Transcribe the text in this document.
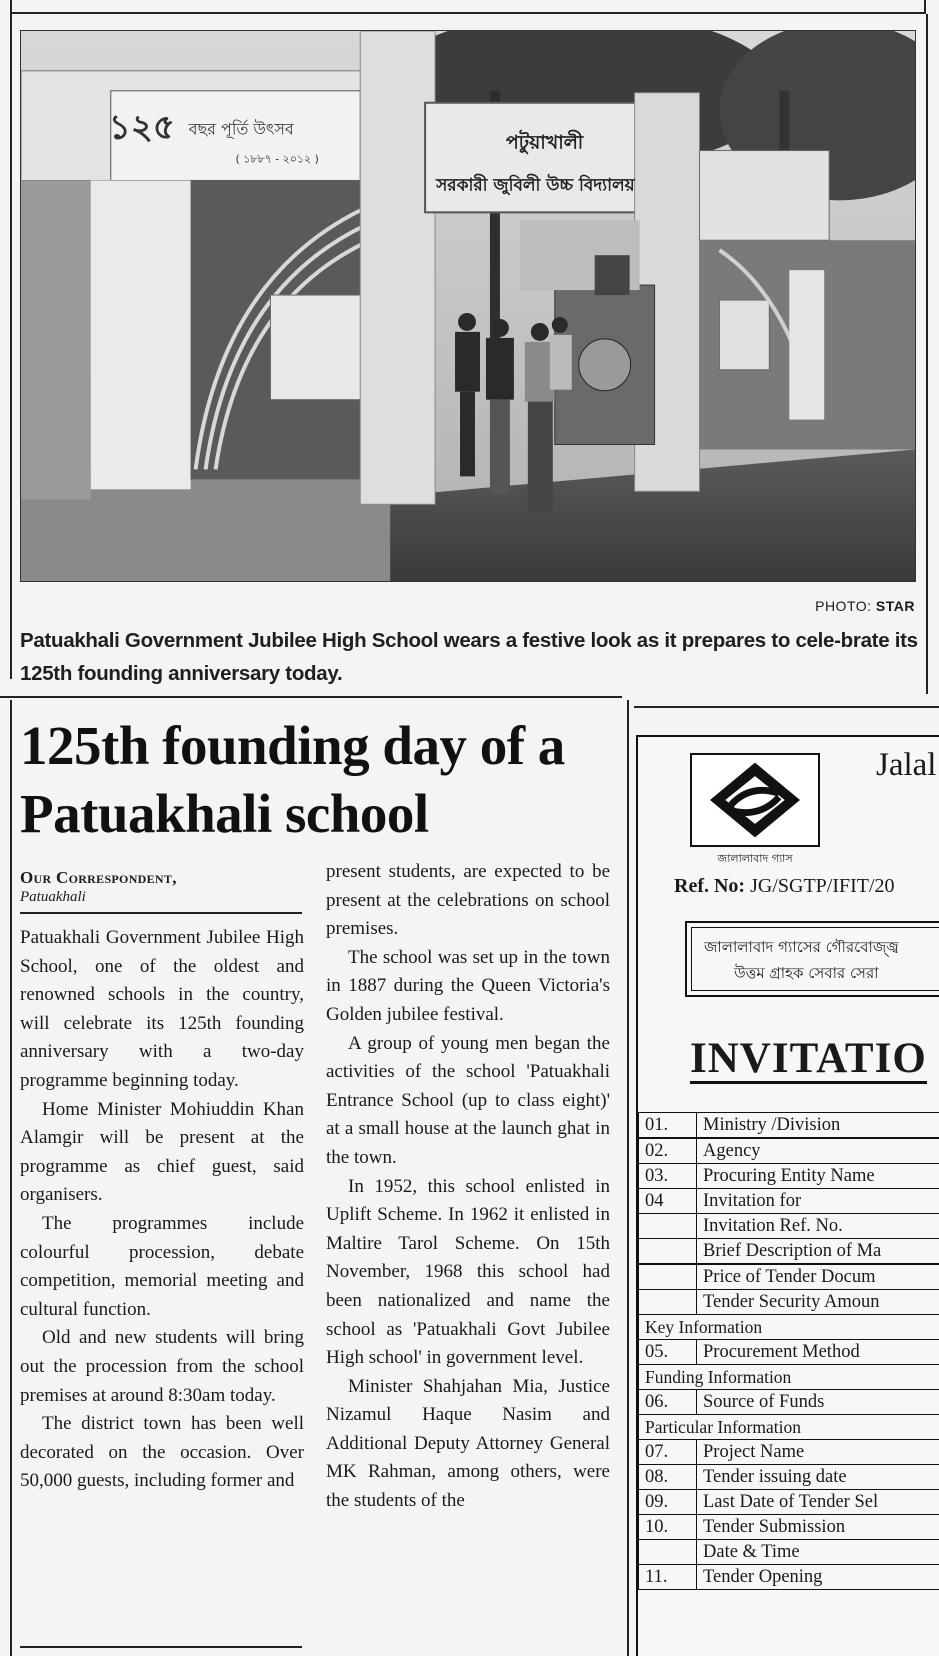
১২৫ বছর পূর্তি উৎসব
( ১৮৮৭ - ২০১২ )
পটুয়াখালী
সরকারী জুবিলী উচ্চ বিদ্যালয়
PHOTO: STAR
Patuakhali Government Jubilee High School wears a festive look as it prepares to cele-brate its 125th founding anniversary today.
125th founding day of a Patuakhali school
Our Correspondent,
Patuakhali

Patuakhali Government Jubilee High School, one of the oldest and renowned schools in the country, will celebrate its 125th founding anniversary with a two-day programme beginning today.

Home Minister Mohiuddin Khan Alamgir will be present at the programme as chief guest, said organisers.

The programmes include colourful procession, debate competition, memorial meeting and cultural function.

Old and new students will bring out the procession from the school premises at around 8:30am today.

The district town has been well decorated on the occasion. Over 50,000 guests, including former and

present students, are expected to be present at the celebrations on school premises.

The school was set up in the town in 1887 during the Queen Victoria's Golden jubilee festival.

A group of young men began the activities of the school 'Patuakhali Entrance School (up to class eight)' at a small house at the launch ghat in the town.

In 1952, this school enlisted in Uplift Scheme. In 1962 it enlisted in Maltire Tarol Scheme. On 15th November, 1968 this school had been nationalized and name the school as 'Patuakhali Govt Jubilee High school' in government level.

Minister Shahjahan Mia, Justice Nizamul Haque Nasim and Additional Deputy Attorney General MK Rahman, among others, were the students of the

জালালাবাদ গ্যাস
Jalal
Ref. No: JG/SGTP/IFIT/20
জালালাবাদ গ্যাসের গৌরবোজ্জ্ব
উত্তম গ্রাহক সেবার সেরা
INVITATIO
01.	Ministry /Division

02.	Agency
03.	Procuring Entity Name
04	Invitation for
	Invitation Ref. No.
	Brief Description of Ma

	Price of Tender Docum
	Tender Security Amoun
Key Information	
05.	Procurement Method
Funding Information	
06.	Source of Funds
Particular Information	
07.	Project Name
08.	Tender issuing date
09.	Last Date of Tender Sel
10.	Tender Submission
	Date & Time
11.	Tender Opening
